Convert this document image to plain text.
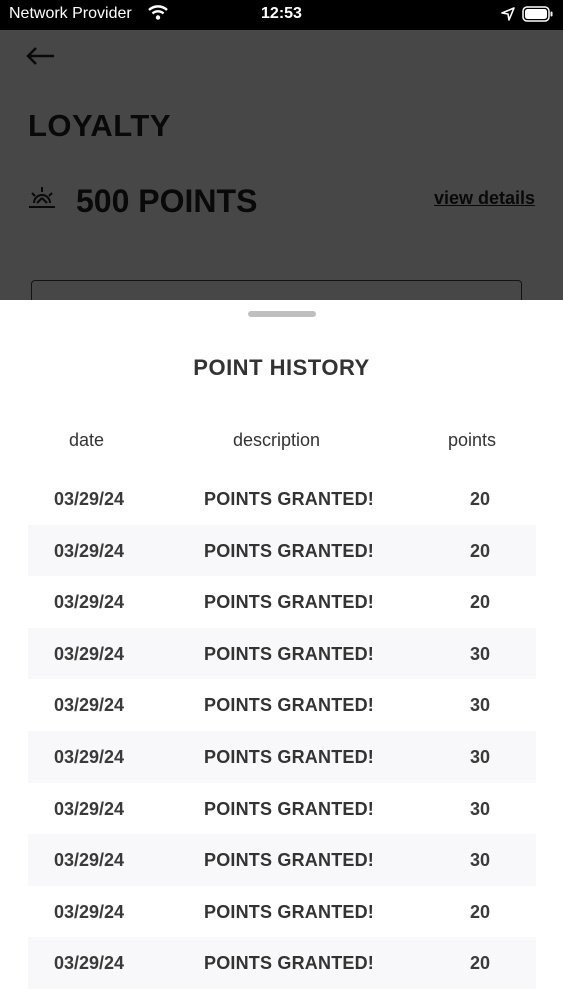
Network Provider	12:53
POINT HISTORY
date	description	points
03/29/24	POINTS GRANTED!	20
03/29/24	POINTS GRANTED!	20
03/29/24	POINTS GRANTED!	20
03/29/24	POINTS GRANTED!	30
03/29/24	POINTS GRANTED!	30
03/29/24	POINTS GRANTED!	30
03/29/24	POINTS GRANTED!	30
03/29/24	POINTS GRANTED!	30
03/29/24	POINTS GRANTED!	20
03/29/24	POINTS GRANTED!	20
